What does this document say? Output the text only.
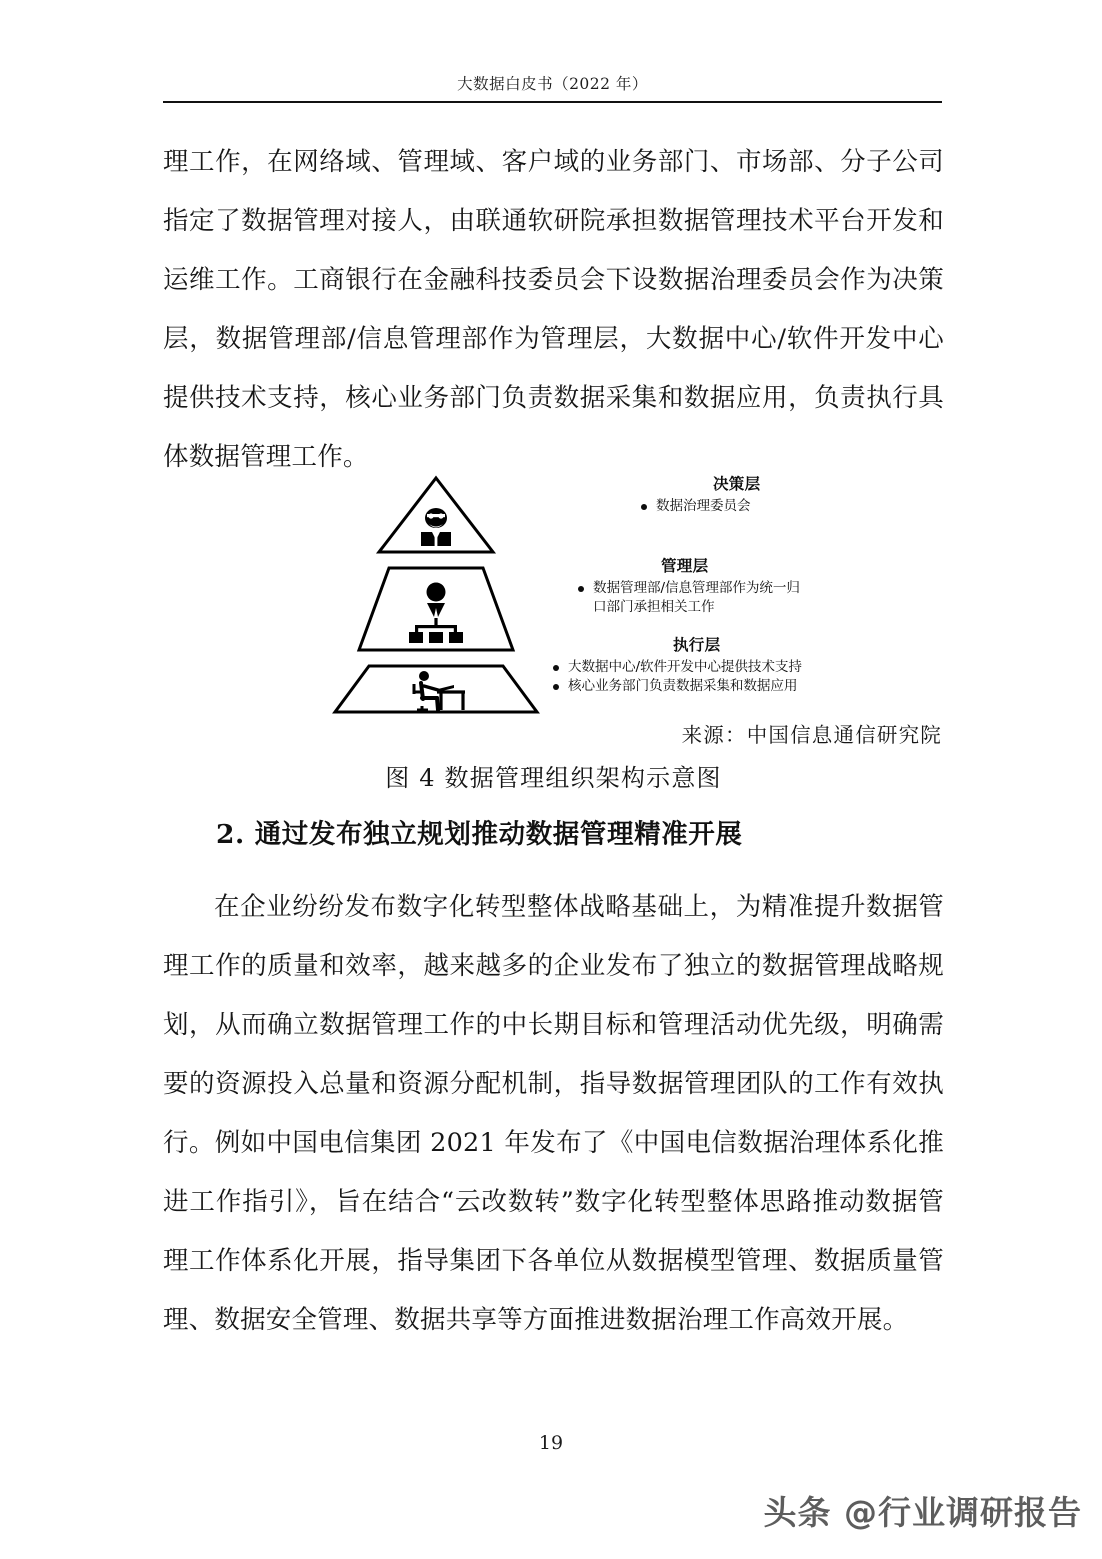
大数据白皮书（2022 年）

理工作，在网络域、管理域、客户域的业务部门、市场部、分子公司指定了数据管理对接人，由联通软研院承担数据管理技术平台开发和运维工作。工商银行在金融科技委员会下设数据治理委员会作为决策层，数据管理部/信息管理部作为管理层，大数据中心/软件开发中心提供技术支持，核心业务部门负责数据采集和数据应用，负责执行具体数据管理工作。

决策层
数据治理委员会
管理层
数据管理部/信息管理部作为统一归口部门承担相关工作
执行层
大数据中心/软件开发中心提供技术支持
核心业务部门负责数据采集和数据应用
来源：中国信息通信研究院
图 4 数据管理组织架构示意图
2. 通过发布独立规划推动数据管理精准开展

在企业纷纷发布数字化转型整体战略基础上，为精准提升数据管理工作的质量和效率，越来越多的企业发布了独立的数据管理战略规划，从而确立数据管理工作的中长期目标和管理活动优先级，明确需要的资源投入总量和资源分配机制，指导数据管理团队的工作有效执行。例如中国电信集团 2021 年发布了《中国电信数据治理体系化推进工作指引》，旨在结合“云改数转”数字化转型整体思路推动数据管理工作体系化开展，指导集团下各单位从数据模型管理、数据质量管理、数据安全管理、数据共享等方面推进数据治理工作高效开展。

19
头条 @行业调研报告
